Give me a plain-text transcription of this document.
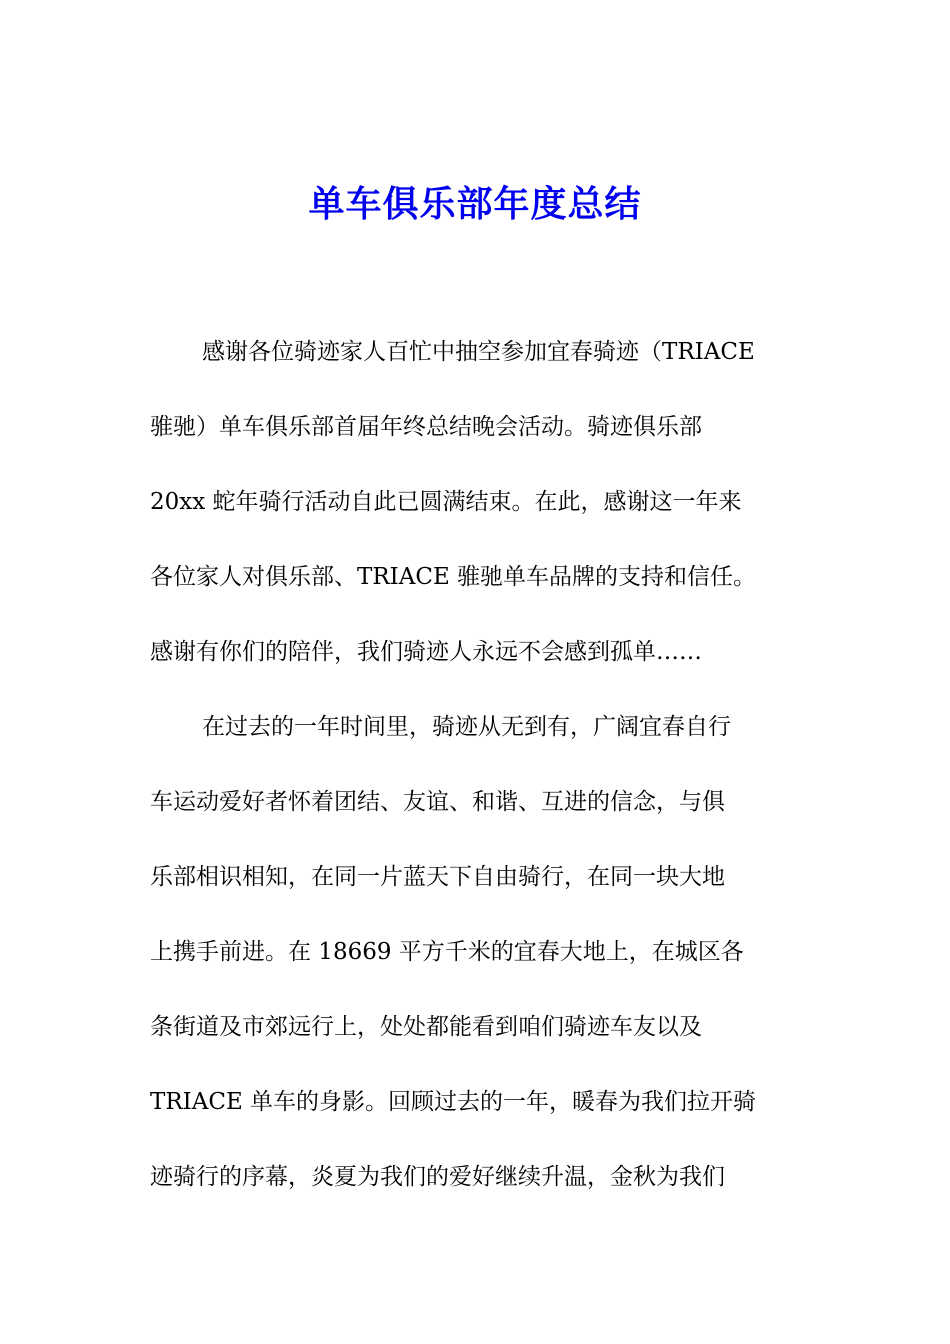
单车俱乐部年度总结
感谢各位骑迹家人百忙中抽空参加宜春骑迹（TRIACE
骓驰）单车俱乐部首届年终总结晚会活动。骑迹俱乐部
20xx 蛇年骑行活动自此已圆满结束。在此，感谢这一年来
各位家人对俱乐部、TRIACE 骓驰单车品牌的支持和信任。
感谢有你们的陪伴，我们骑迹人永远不会感到孤单……
在过去的一年时间里，骑迹从无到有，广阔宜春自行
车运动爱好者怀着团结、友谊、和谐、互进的信念，与俱
乐部相识相知，在同一片蓝天下自由骑行，在同一块大地
上携手前进。在 18669 平方千米的宜春大地上，在城区各
条街道及市郊远行上，处处都能看到咱们骑迹车友以及
TRIACE 单车的身影。回顾过去的一年，暖春为我们拉开骑
迹骑行的序幕，炎夏为我们的爱好继续升温，金秋为我们
